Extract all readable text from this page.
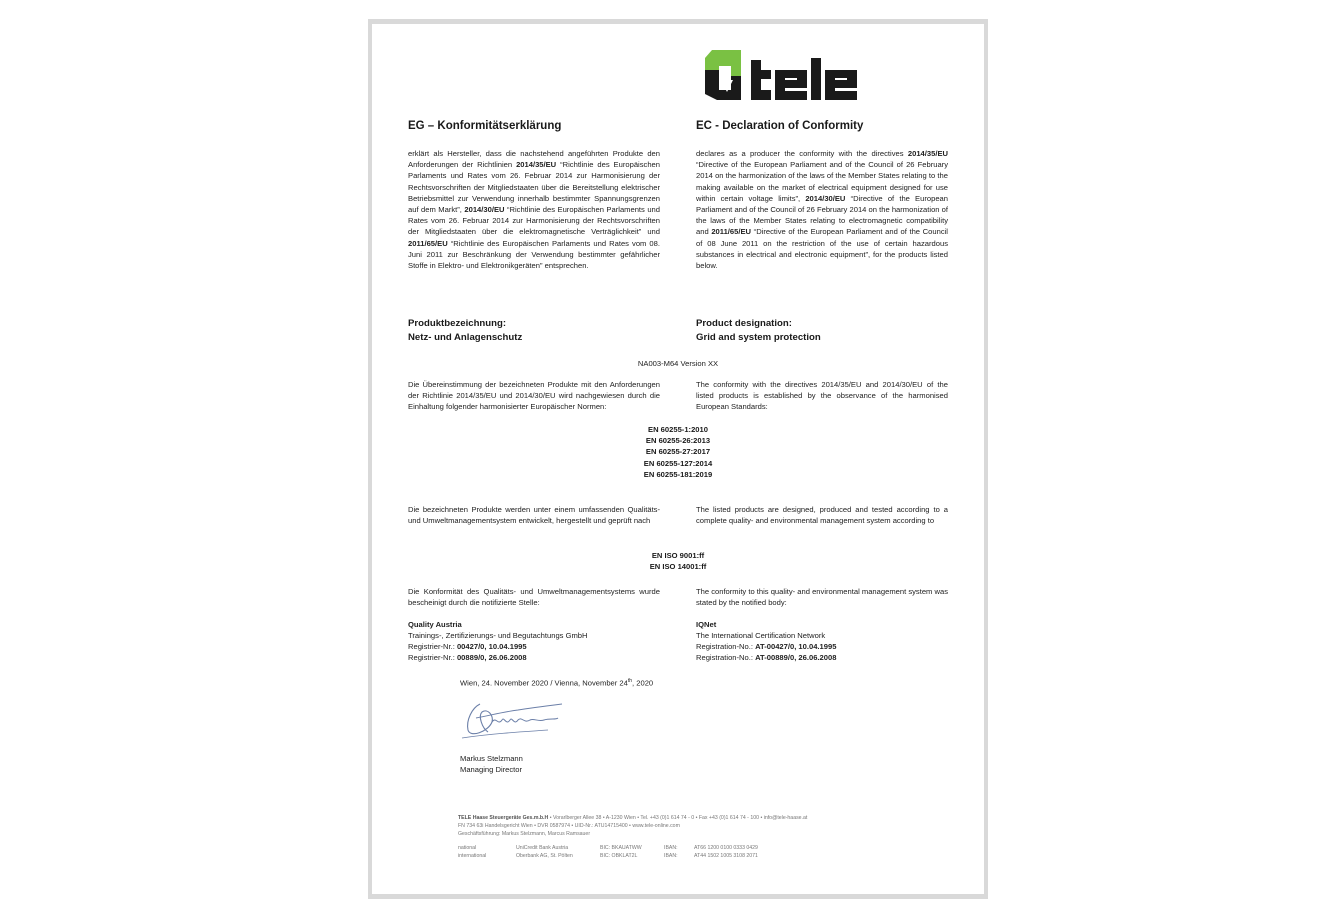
EG – Konformitätserklärung	EC - Declaration of Conformity
erklärt als Hersteller, dass die nachstehend angeführten Produkte den Anforderungen der Richtlinien 2014/35/EU “Richtlinie des Europäischen Parlaments und Rates vom 26. Februar 2014 zur Harmonisierung der Rechtsvorschriften der Mitgliedstaaten über die Bereitstellung elektrischer Betriebsmittel zur Verwendung innerhalb bestimmter Spannungsgrenzen auf dem Markt”, 2014/30/EU “Richtlinie des Europäischen Parlaments und Rates vom 26. Februar 2014 zur Harmonisierung der Rechtsvorschriften der Mitgliedstaaten über die elektromagnetische Verträglichkeit” und 2011/65/EU “Richtlinie des Europäischen Parlaments und Rates vom 08. Juni 2011 zur Beschränkung der Verwendung bestimmter gefährlicher Stoffe in Elektro- und Elektronikgeräten” entsprechen.
declares as a producer the conformity with the directives 2014/35/EU “Directive of the European Parliament and of the Council of 26 February 2014 on the harmonization of the laws of the Member States relating to the making available on the market of electrical equipment designed for use within certain voltage limits”, 2014/30/EU “Directive of the European Parliament and of the Council of 26 February 2014 on the harmonization of the laws of the Member States relating to electromagnetic compatibility and 2011/65/EU “Directive of the European Parliament and of the Council of 08 June 2011 on the restriction of the use of certain hazardous substances in electrical and electronic equipment”, for the products listed below.
Produktbezeichnung:
Netz- und Anlagenschutz
Product designation:
Grid and system protection
NA003-M64 Version XX
Die Übereinstimmung der bezeichneten Produkte mit den Anforderungen der Richtlinie 2014/35/EU und 2014/30/EU wird nachgewiesen durch die Einhaltung folgender harmonisierter Europäischer Normen:
The conformity with the directives 2014/35/EU and 2014/30/EU of the listed products is established by the observance of the harmonised European Standards:
EN 60255-1:2010
EN 60255-26:2013
EN 60255-27:2017
EN 60255-127:2014
EN 60255-181:2019
Die bezeichneten Produkte werden unter einem umfassenden Qualitäts- und Umweltmanagementsystem entwickelt, hergestellt und geprüft nach
The listed products are designed, produced and tested according to a complete quality- and environmental management system according to
EN ISO 9001:ff
EN ISO 14001:ff
Die Konformität des Qualitäts- und Umweltmanagementsystems wurde bescheinigt durch die notifizierte Stelle:
The conformity to this quality- and environmental management system was stated by the notified body:
Quality Austria
Trainings-, Zertifizierungs- und Begutachtungs GmbH
Registrier-Nr.: 00427/0, 10.04.1995
Registrier-Nr.: 00889/0, 26.06.2008
IQNet
The International Certification Network
Registration-No.: AT-00427/0, 10.04.1995
Registration-No.: AT-00889/0, 26.06.2008
Wien, 24. November 2020 / Vienna, November 24th, 2020
Markus Stelzmann
Managing Director
TELE Haase Steuergeräte Ges.m.b.H • Vorarlberger Allee 38 • A-1230 Wien • Tel. +43 (0)1 614 74 - 0 • Fax +43 (0)1 614 74 - 100 • info@tele-haase.at
FN 734 63i Handelsgericht Wien • DVR 0587974 • UID-Nr.: ATU14715400 • www.tele-online.com
Geschäftsführung: Markus Stelzmann, Marcus Ramsauer
national	UniCredit Bank Austria	BIC: BKAUATWW	IBAN:	AT66 1200 0100 0333 0429
international	Oberbank AG, St. Pölten	BIC: OBKLAT2L	IBAN:	AT44 1502 1005 3108 2071
